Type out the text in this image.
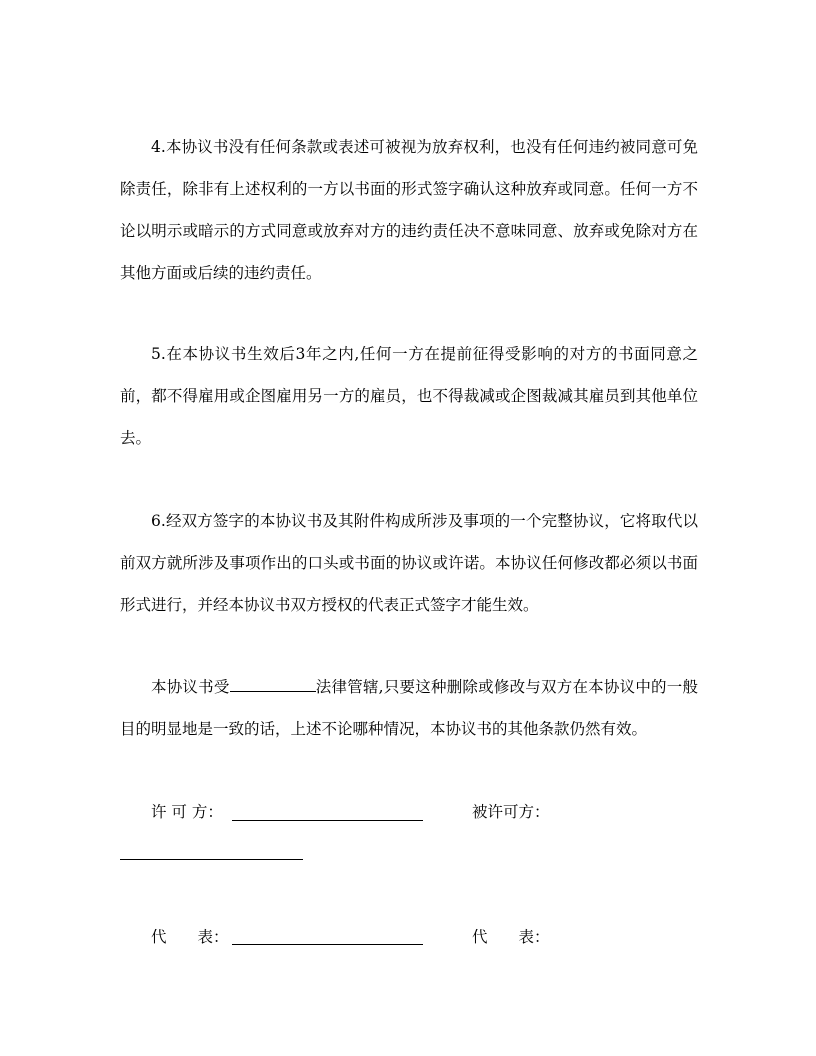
4.本协议书没有任何条款或表述可被视为放弃权利，也没有任何违约被同意可免除责任，除非有上述权利的一方以书面的形式签字确认这种放弃或同意。任何一方不论以明示或暗示的方式同意或放弃对方的违约责任决不意味同意、放弃或免除对方在其他方面或后续的违约责任。

5.在本协议书生效后3年之内,任何一方在提前征得受影响的对方的书面同意之前，都不得雇用或企图雇用另一方的雇员，也不得裁减或企图裁减其雇员到其他单位去。

6.经双方签字的本协议书及其附件构成所涉及事项的一个完整协议，它将取代以前双方就所涉及事项作出的口头或书面的协议或许诺。本协议任何修改都必须以书面形式进行，并经本协议书双方授权的代表正式签字才能生效。

本协议书受	法律管辖,只要这种删除或修改与双方在本协议中的一般目的明显地是一致的话，上述不论哪种情况，本协议书的其他条款仍然有效。

许 可 方：	被许可方：
代　　表：	代　　表：
